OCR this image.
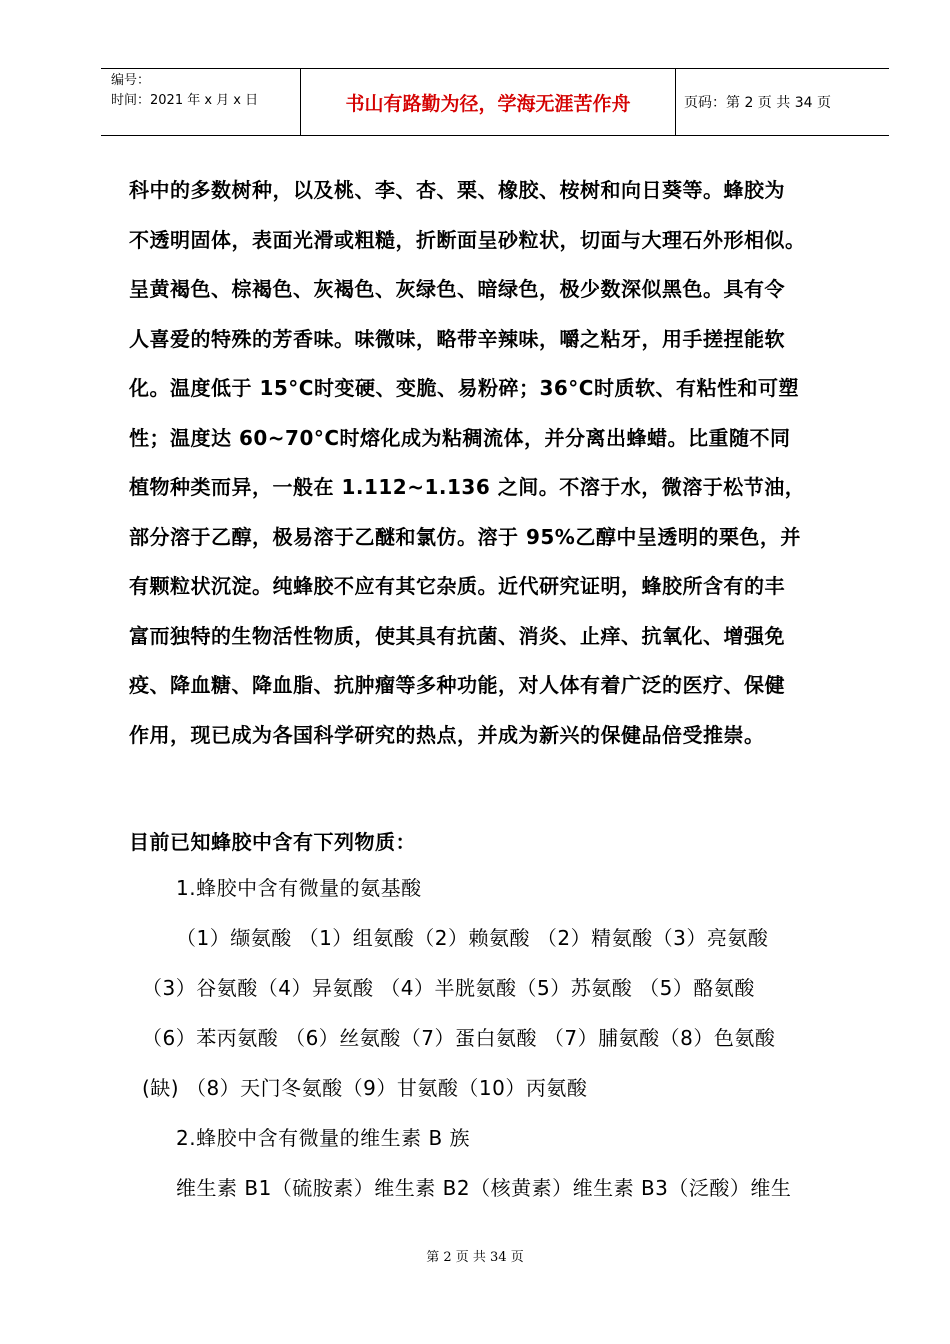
编号：
时间：2021 年 x 月 x 日	书山有路勤为径，学海无涯苦作舟	页码：第 2 页 共 34 页
科中的多数树种，以及桃、李、杏、栗、橡胶、桉树和向日葵等。蜂胶为
不透明固体，表面光滑或粗糙，折断面呈砂粒状，切面与大理石外形相似。
呈黄褐色、棕褐色、灰褐色、灰绿色、暗绿色，极少数深似黑色。具有令
人喜爱的特殊的芳香味。味微味，略带辛辣味，嚼之粘牙，用手搓捏能软
化。温度低于 15°C时变硬、变脆、易粉碎；36°C时质软、有粘性和可塑
性；温度达 60~70°C时熔化成为粘稠流体，并分离出蜂蜡。比重随不同
植物种类而异，一般在 1.112~1.136 之间。不溶于水，微溶于松节油，
部分溶于乙醇，极易溶于乙醚和氯仿。溶于 95%乙醇中呈透明的栗色，并
有颗粒状沉淀。纯蜂胶不应有其它杂质。近代研究证明，蜂胶所含有的丰
富而独特的生物活性物质，使其具有抗菌、消炎、止痒、抗氧化、增强免
疫、降血糖、降血脂、抗肿瘤等多种功能，对人体有着广泛的医疗、保健
作用，现已成为各国科学研究的热点，并成为新兴的保健品倍受推崇。
目前已知蜂胶中含有下列物质：
1.蜂胶中含有微量的氨基酸
（1）缬氨酸 （1）组氨酸（2）赖氨酸 （2）精氨酸（3）亮氨酸
（3）谷氨酸（4）异氨酸 （4）半胱氨酸（5）苏氨酸 （5）酪氨酸
（6）苯丙氨酸 （6）丝氨酸（7）蛋白氨酸 （7）脯氨酸（8）色氨酸
(缺) （8）天门冬氨酸（9）甘氨酸（10）丙氨酸
2.蜂胶中含有微量的维生素 B 族
维生素 B1（硫胺素）维生素 B2（核黄素）维生素 B3（泛酸）维生
第 2 页 共 34 页
